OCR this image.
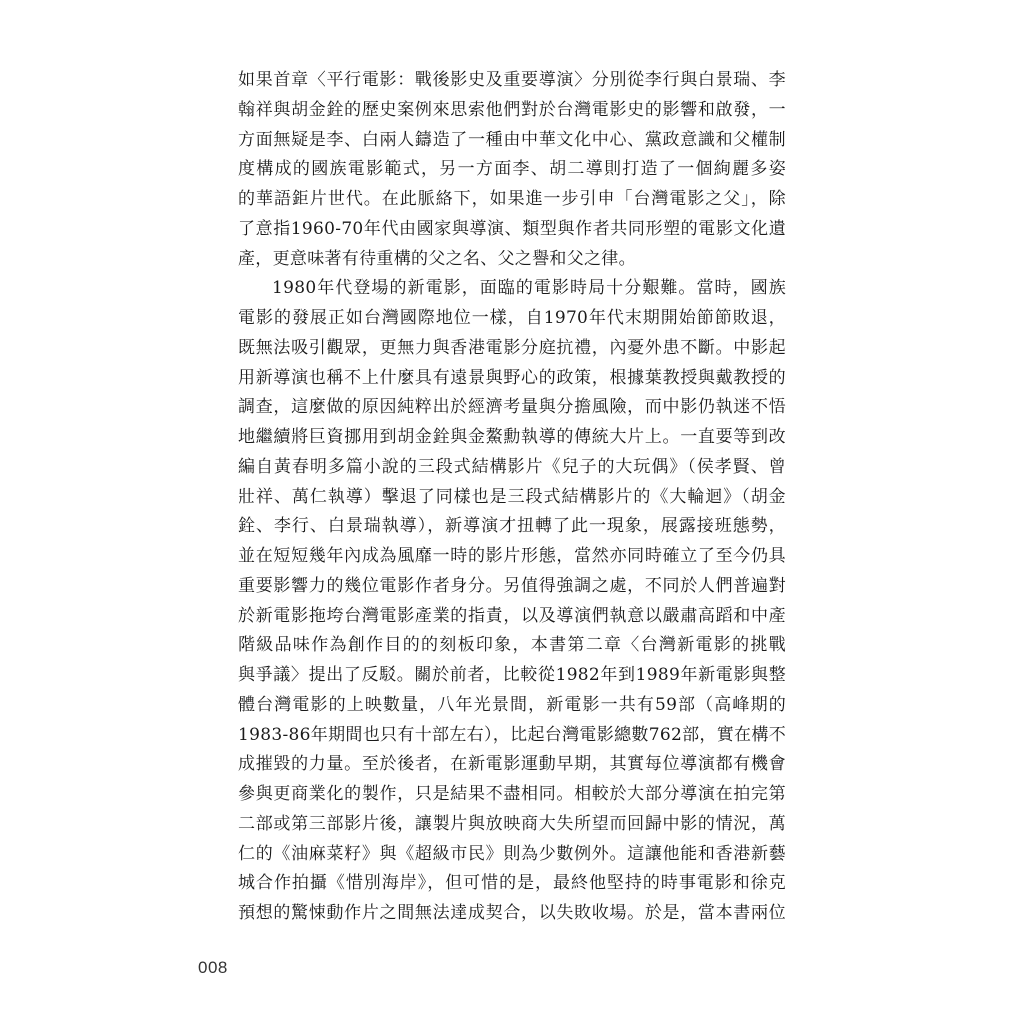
如果首章〈平行電影：戰後影史及重要導演〉分別從李行與白景瑞、李
翰祥與胡金銓的歷史案例來思索他們對於台灣電影史的影響和啟發，一
方面無疑是李、白兩人鑄造了一種由中華文化中心、黨政意識和父權制
度構成的國族電影範式，另一方面李、胡二導則打造了一個絢麗多姿
的華語鉅片世代。在此脈絡下，如果進一步引申「台灣電影之父」，除
了意指1960-70年代由國家與導演、類型與作者共同形塑的電影文化遺
產，更意味著有待重構的父之名、父之譽和父之律。

1980年代登場的新電影，面臨的電影時局十分艱難。當時，國族
電影的發展正如台灣國際地位一樣，自1970年代末期開始節節敗退，
既無法吸引觀眾，更無力與香港電影分庭抗禮，內憂外患不斷。中影起
用新導演也稱不上什麼具有遠景與野心的政策，根據葉教授與戴教授的
調查，這麼做的原因純粹出於經濟考量與分擔風險，而中影仍執迷不悟
地繼續將巨資挪用到胡金銓與金鰲勳執導的傳統大片上。一直要等到改
編自黃春明多篇小說的三段式結構影片《兒子的大玩偶》（侯孝賢、曾
壯祥、萬仁執導）擊退了同樣也是三段式結構影片的《大輪迴》（胡金
銓、李行、白景瑞執導），新導演才扭轉了此一現象，展露接班態勢，
並在短短幾年內成為風靡一時的影片形態，當然亦同時確立了至今仍具
重要影響力的幾位電影作者身分。另值得強調之處，不同於人們普遍對
於新電影拖垮台灣電影產業的指責，以及導演們執意以嚴肅高蹈和中產
階級品味作為創作目的的刻板印象，本書第二章〈台灣新電影的挑戰
與爭議〉提出了反駁。關於前者，比較從1982年到1989年新電影與整
體台灣電影的上映數量，八年光景間，新電影一共有59部（高峰期的
1983-86年期間也只有十部左右），比起台灣電影總數762部，實在構不
成摧毀的力量。至於後者，在新電影運動早期，其實每位導演都有機會
參與更商業化的製作，只是結果不盡相同。相較於大部分導演在拍完第
二部或第三部影片後，讓製片與放映商大失所望而回歸中影的情況，萬
仁的《油麻菜籽》與《超級市民》則為少數例外。這讓他能和香港新藝
城合作拍攝《惜別海岸》，但可惜的是，最終他堅持的時事電影和徐克
預想的驚悚動作片之間無法達成契合，以失敗收場。於是，當本書兩位

008
